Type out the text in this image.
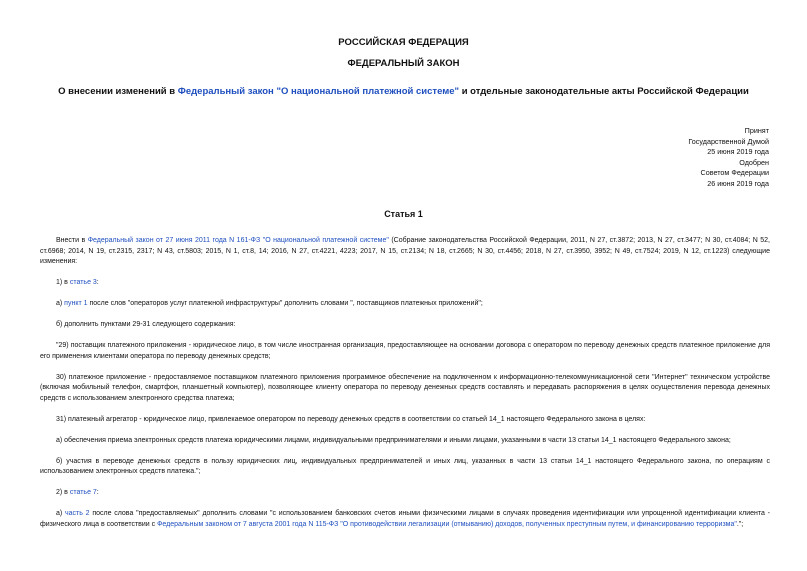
РОССИЙСКАЯ ФЕДЕРАЦИЯ
ФЕДЕРАЛЬНЫЙ ЗАКОН
О внесении изменений в Федеральный закон "О национальной платежной системе" и отдельные законодательные акты Российской Федерации
Принят
Государственной Думой
25 июня 2019 года
Одобрен
Советом Федерации
26 июня 2019 года
Статья 1

Внести в Федеральный закон от 27 июня 2011 года N 161-ФЗ "О национальной платежной системе" (Собрание законодательства Российской Федерации, 2011, N 27, ст.3872; 2013, N 27, ст.3477; N 30, ст.4084; N 52, ст.6968; 2014, N 19, ст.2315, 2317; N 43, ст.5803; 2015, N 1, ст.8, 14; 2016, N 27, ст.4221, 4223; 2017, N 15, ст.2134; N 18, ст.2665; N 30, ст.4456; 2018, N 27, ст.3950, 3952; N 49, ст.7524; 2019, N 12, ст.1223) следующие изменения:

1) в статье 3:

а) пункт 1 после слов "операторов услуг платежной инфраструктуры" дополнить словами ", поставщиков платежных приложений";

б) дополнить пунктами 29-31 следующего содержания:

"29) поставщик платежного приложения - юридическое лицо, в том числе иностранная организация, предоставляющее на основании договора с оператором по переводу денежных средств платежное приложение для его применения клиентами оператора по переводу денежных средств;

30) платежное приложение - предоставляемое поставщиком платежного приложения программное обеспечение на подключенном к информационно-телекоммуникационной сети "Интернет" техническом устройстве (включая мобильный телефон, смартфон, планшетный компьютер), позволяющее клиенту оператора по переводу денежных средств составлять и передавать распоряжения в целях осуществления перевода денежных средств с использованием электронного средства платежа;

31) платежный агрегатор - юридическое лицо, привлекаемое оператором по переводу денежных средств в соответствии со статьей 14_1 настоящего Федерального закона в целях:

а) обеспечения приема электронных средств платежа юридическими лицами, индивидуальными предпринимателями и иными лицами, указанными в части 13 статьи 14_1 настоящего Федерального закона;

б) участия в переводе денежных средств в пользу юридических лиц, индивидуальных предпринимателей и иных лиц, указанных в части 13 статьи 14_1 настоящего Федерального закона, по операциям с использованием электронных средств платежа.";

2) в статье 7:

а) часть 2 после слова "предоставляемых" дополнить словами "с использованием банковских счетов иными физическими лицами в случаях проведения идентификации или упрощенной идентификации клиента - физического лица в соответствии с Федеральным законом от 7 августа 2001 года N 115-ФЗ "О противодействии легализации (отмыванию) доходов, полученных преступным путем, и финансированию терроризма".";
